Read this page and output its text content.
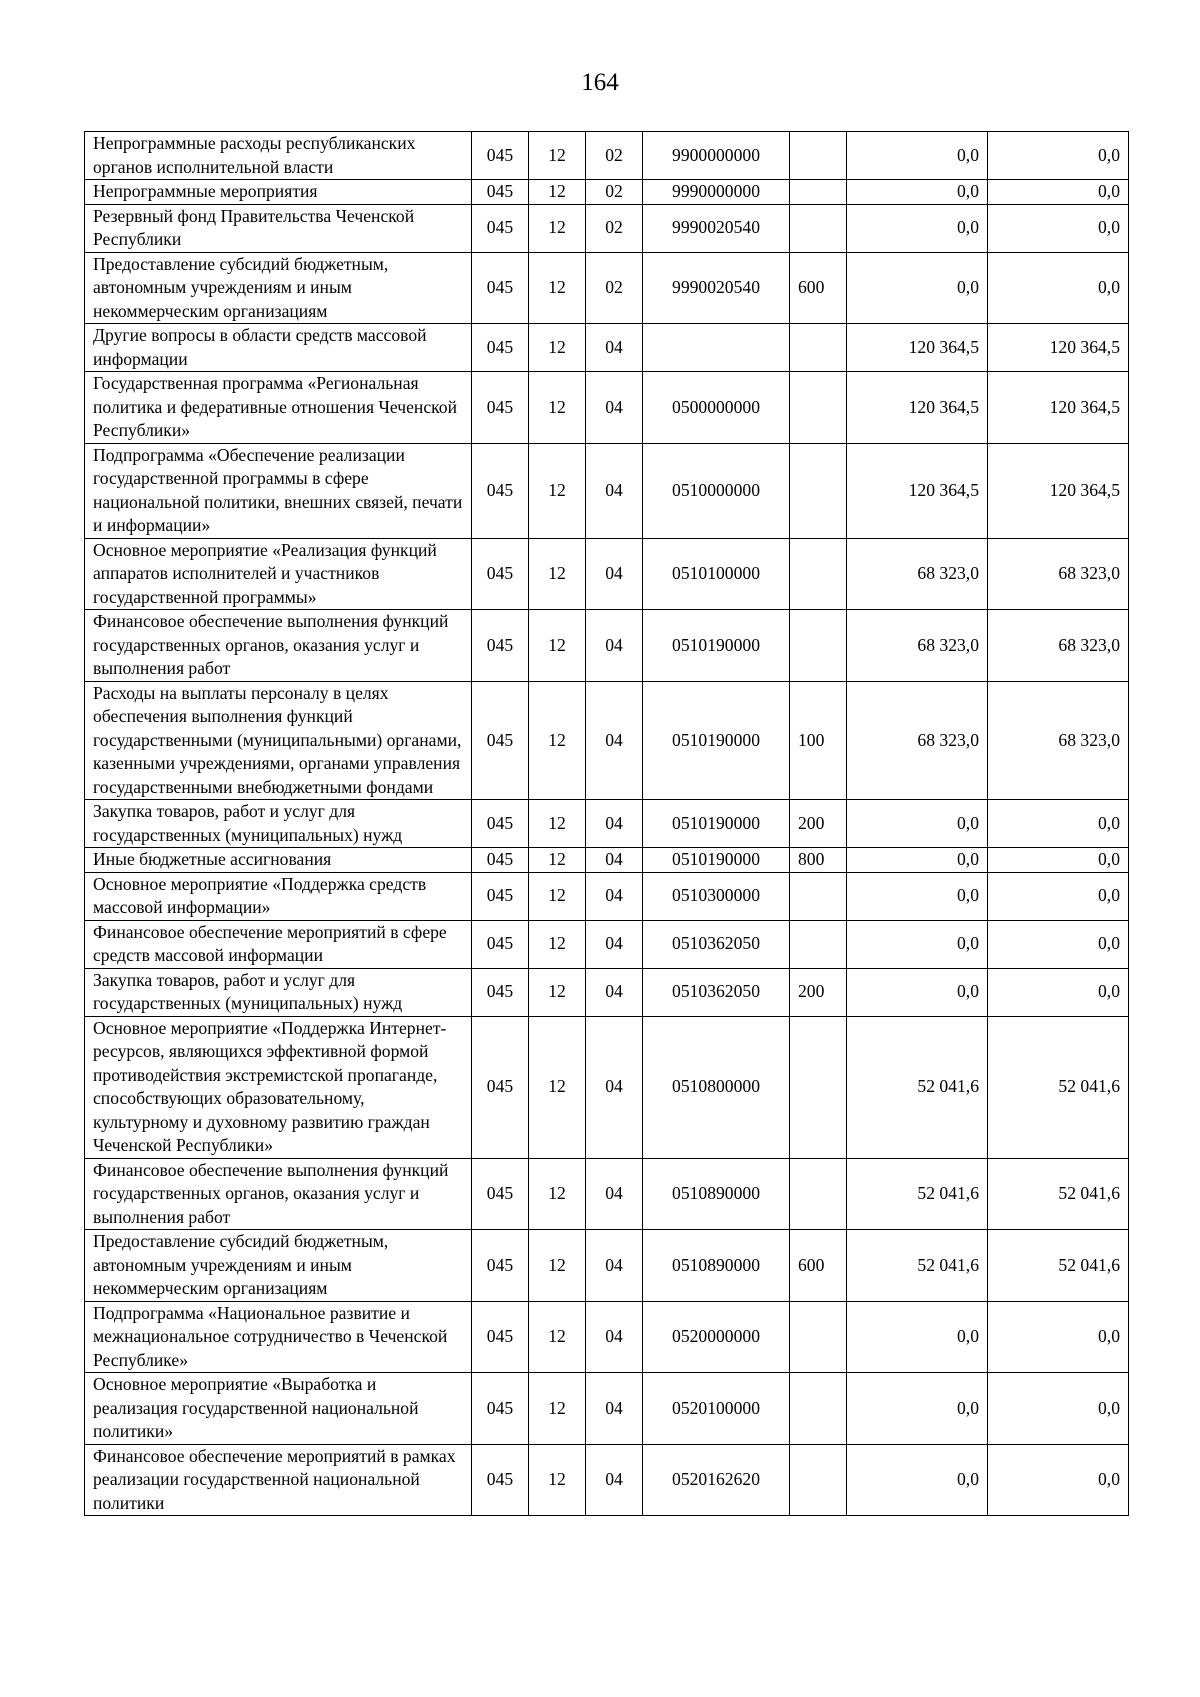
164
Непрограммные расходы республиканских органов исполнительной власти	045	12	02	9900000000		0,0	0,0
Непрограммные мероприятия	045	12	02	9990000000		0,0	0,0
Резервный фонд Правительства Чеченской Республики	045	12	02	9990020540		0,0	0,0
Предоставление субсидий бюджетным, автономным учреждениям и иным некоммерческим организациям	045	12	02	9990020540	600	0,0	0,0
Другие вопросы в области средств массовой информации	045	12	04			120 364,5	120 364,5
Государственная программа «Региональная политика и федеративные отношения Чеченской Республики»	045	12	04	0500000000		120 364,5	120 364,5
Подпрограмма «Обеспечение реализации государственной программы в сфере национальной политики, внешних связей, печати и информации»	045	12	04	0510000000		120 364,5	120 364,5
Основное мероприятие «Реализация функций аппаратов исполнителей и участников государственной программы»	045	12	04	0510100000		68 323,0	68 323,0
Финансовое обеспечение выполнения функций государственных органов, оказания услуг и выполнения работ	045	12	04	0510190000		68 323,0	68 323,0
Расходы на выплаты персоналу в целях обеспечения выполнения функций государственными (муниципальными) органами, казенными учреждениями, органами управления государственными внебюджетными фондами	045	12	04	0510190000	100	68 323,0	68 323,0
Закупка товаров, работ и услуг для государственных (муниципальных) нужд	045	12	04	0510190000	200	0,0	0,0
Иные бюджетные ассигнования	045	12	04	0510190000	800	0,0	0,0
Основное мероприятие «Поддержка средств массовой информации»	045	12	04	0510300000		0,0	0,0
Финансовое обеспечение мероприятий в сфере средств массовой информации	045	12	04	0510362050		0,0	0,0
Закупка товаров, работ и услуг для государственных (муниципальных) нужд	045	12	04	0510362050	200	0,0	0,0
Основное мероприятие «Поддержка Интернет-ресурсов, являющихся эффективной формой противодействия экстремистской пропаганде, способствующих образовательному, культурному и духовному развитию граждан Чеченской Республики»	045	12	04	0510800000		52 041,6	52 041,6
Финансовое обеспечение выполнения функций государственных органов, оказания услуг и выполнения работ	045	12	04	0510890000		52 041,6	52 041,6
Предоставление субсидий бюджетным, автономным учреждениям и иным некоммерческим организациям	045	12	04	0510890000	600	52 041,6	52 041,6
Подпрограмма «Национальное развитие и межнациональное сотрудничество в Чеченской Республике»	045	12	04	0520000000		0,0	0,0
Основное мероприятие «Выработка и реализация государственной национальной политики»	045	12	04	0520100000		0,0	0,0
Финансовое обеспечение мероприятий в рамках реализации государственной национальной политики	045	12	04	0520162620		0,0	0,0
